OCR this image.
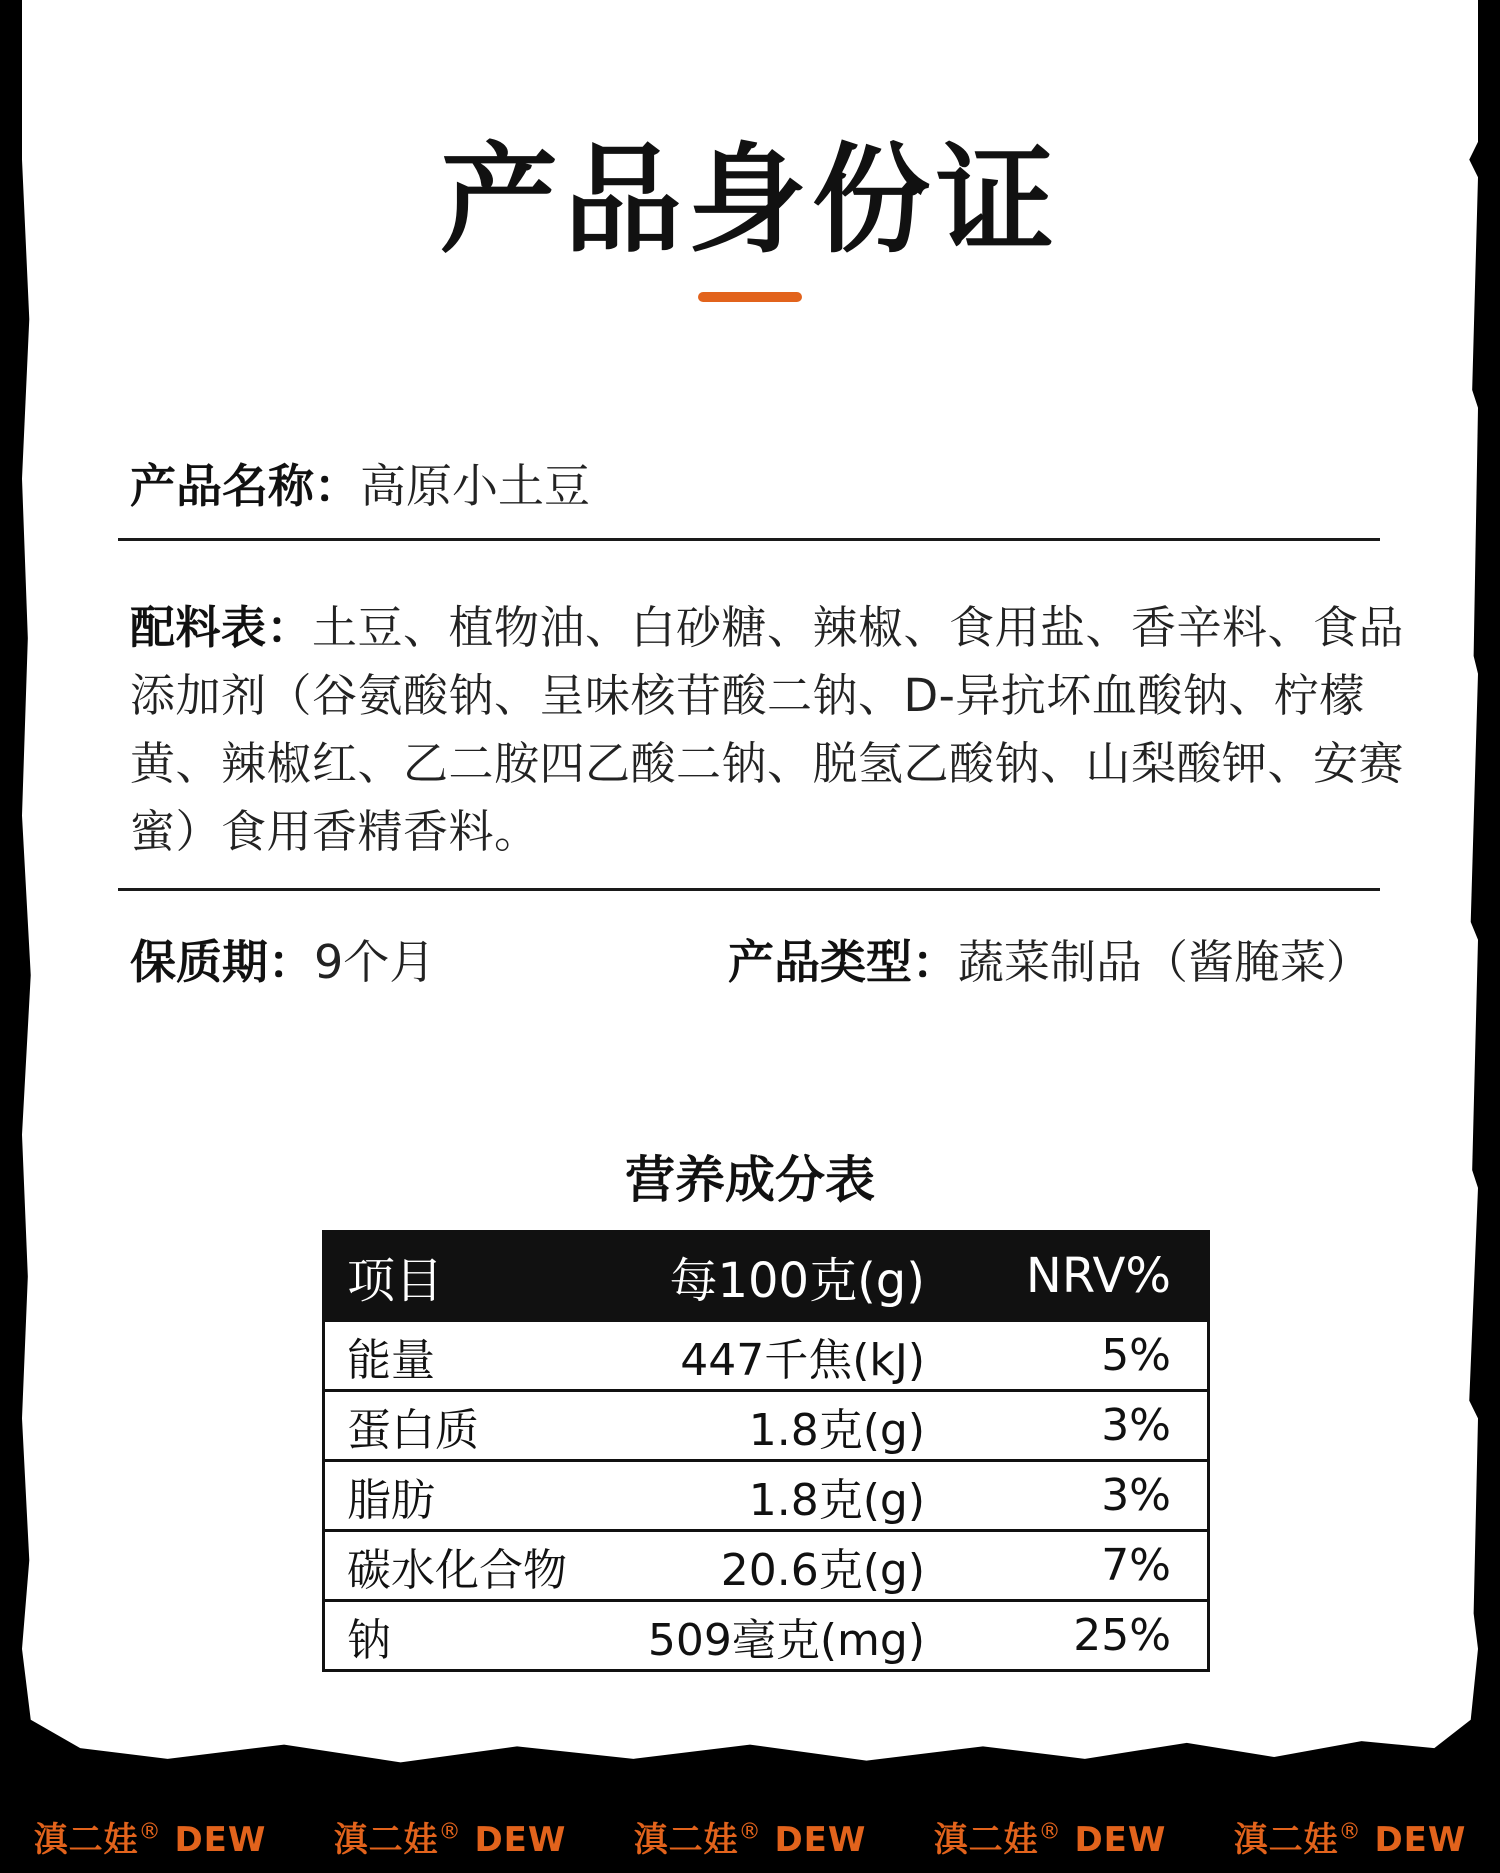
产品身份证
产品名称：高原小土豆
配料表：土豆、植物油、白砂糖、辣椒、食用盐、香辛料、食品
添加剂（谷氨酸钠、呈味核苷酸二钠、D-异抗坏血酸钠、柠檬
黄、辣椒红、乙二胺四乙酸二钠、脱氢乙酸钠、山梨酸钾、安赛
蜜）食用香精香料。
保质期：9个月	产品类型：蔬菜制品（酱腌菜）
营养成分表
项目	每100克(g)	NRV%
能量	447千焦(kJ)	5%
蛋白质	1.8克(g)	3%
脂肪	1.8克(g)	3%
碳水化合物	20.6克(g)	7%
钠	509毫克(mg)	25%
滇二娃® DEW 滇二娃® DEW 滇二娃® DEW 滇二娃® DEW 滇二娃® DEW
